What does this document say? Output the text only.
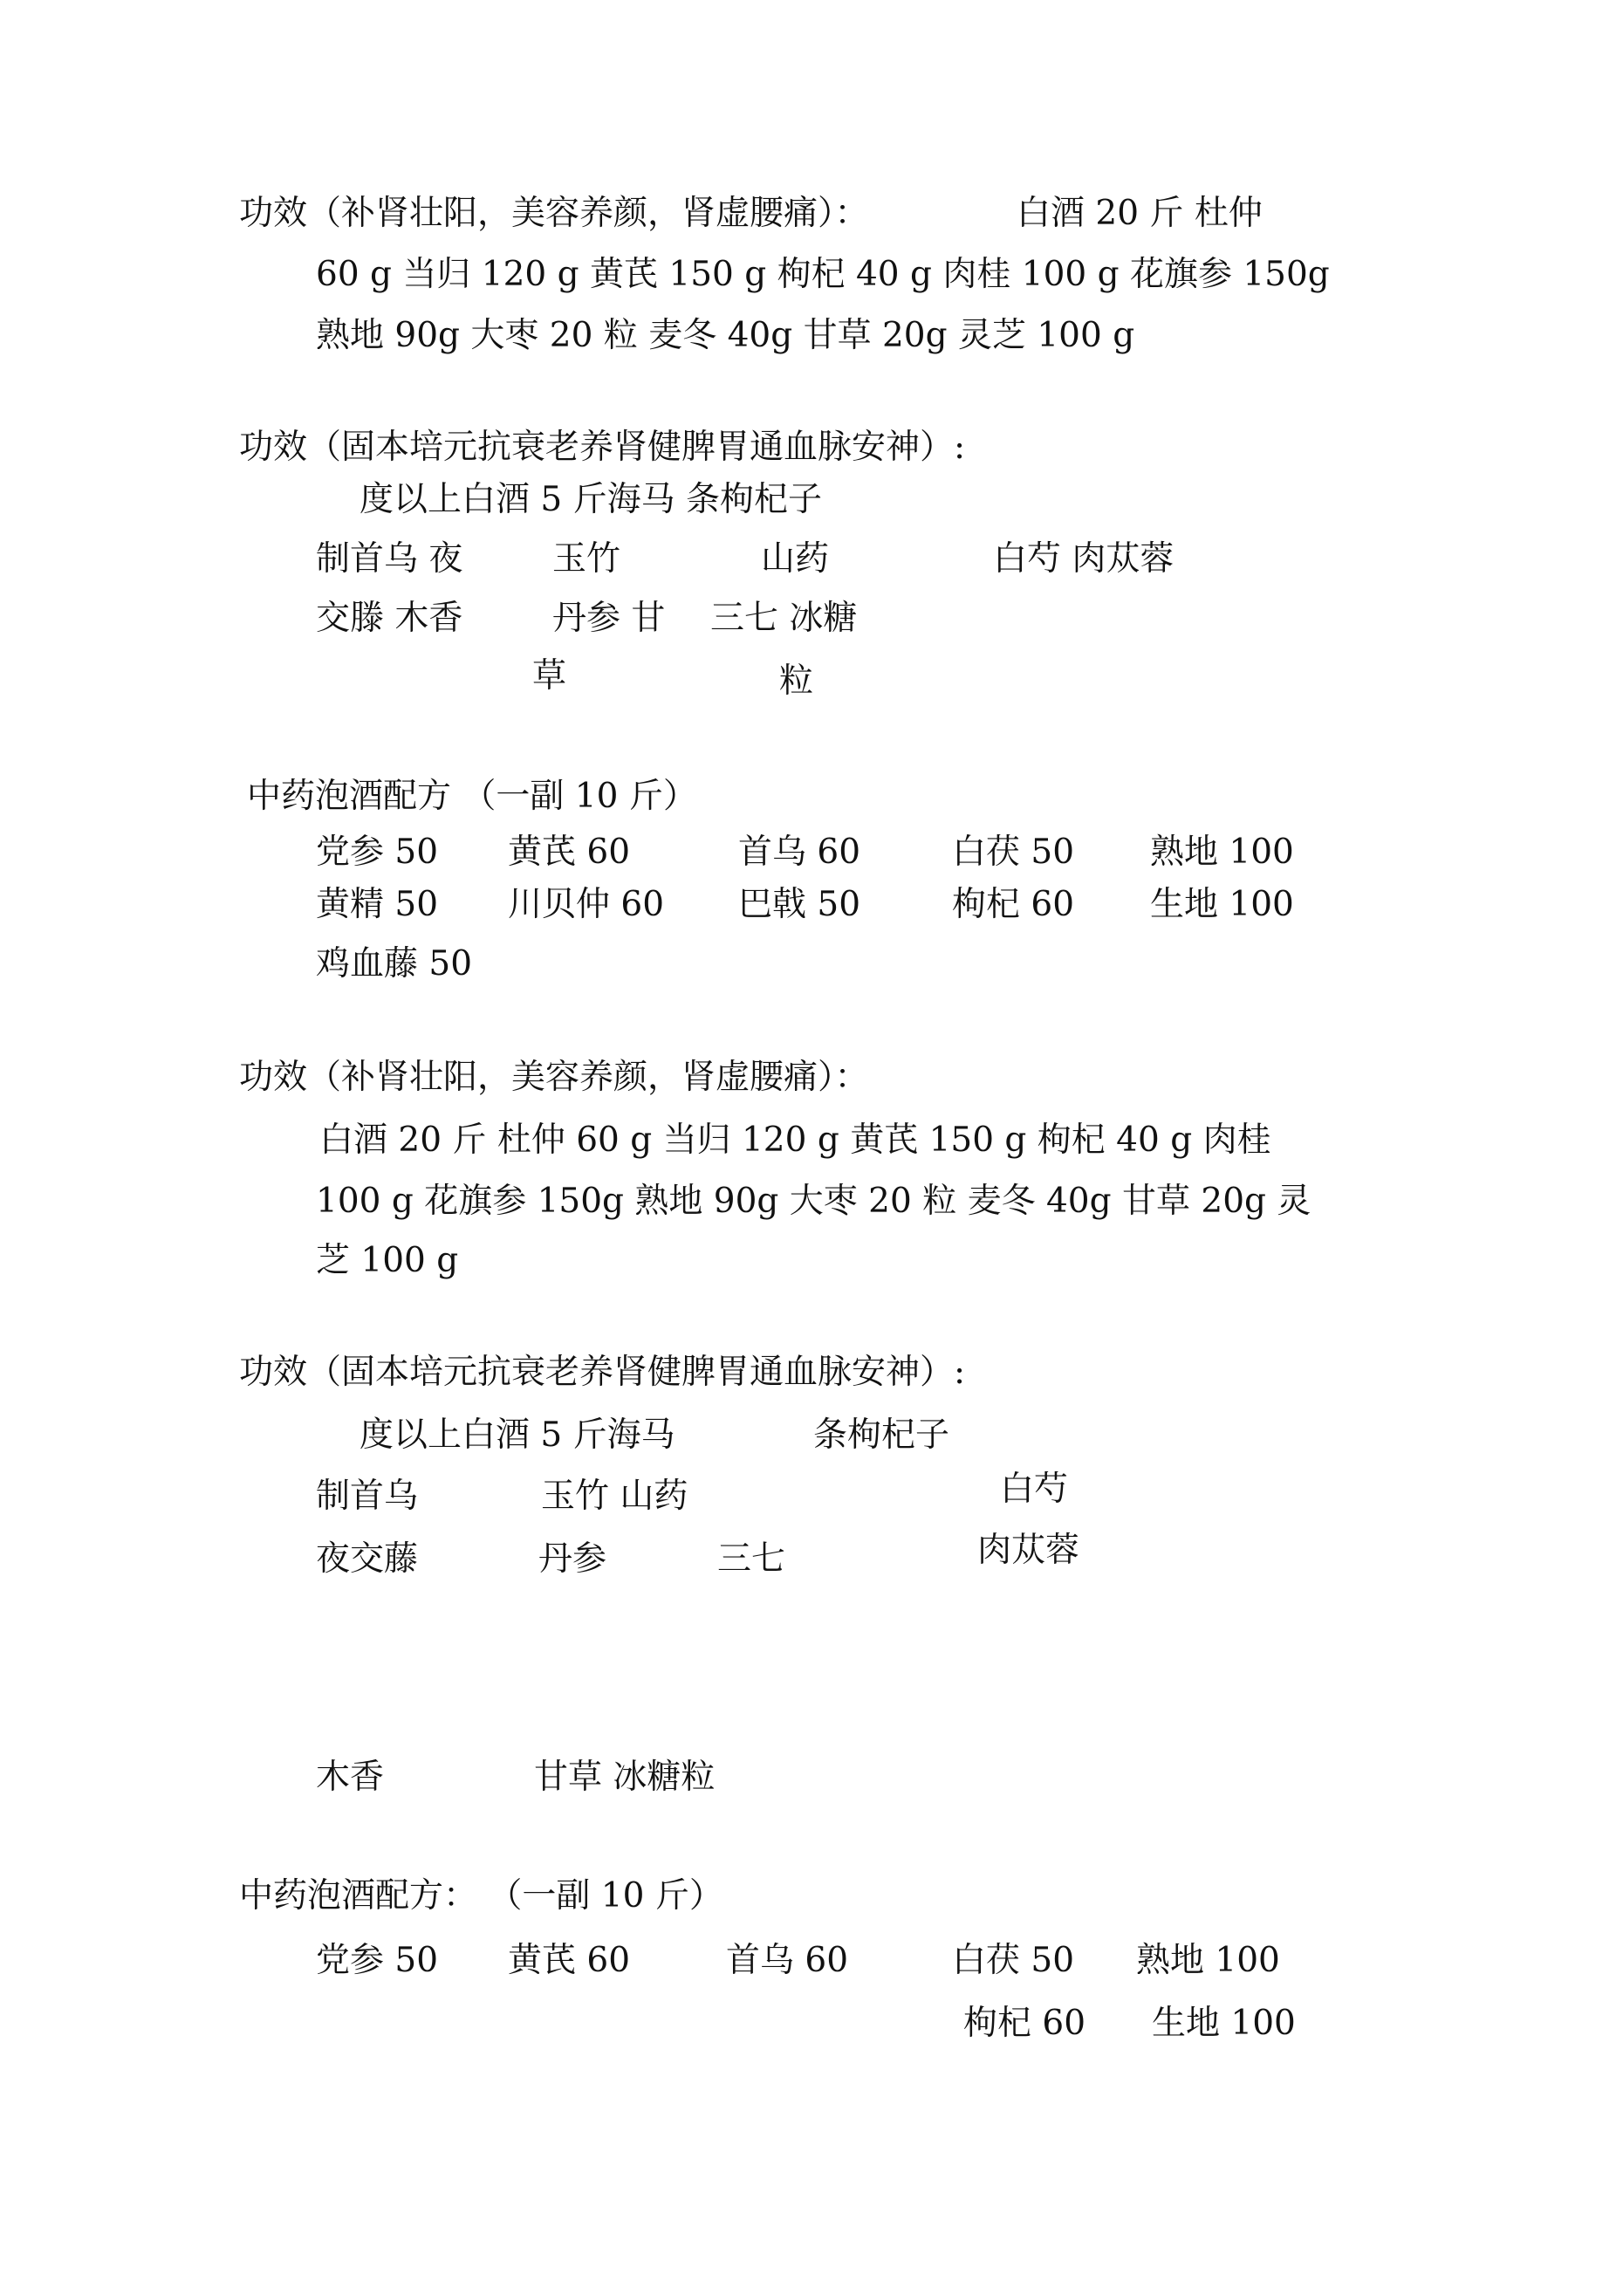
功效（补肾壮阳，美容养颜，肾虚腰痛）：	白酒 20 斤 杜仲
60 g 当归 120 g 黄芪 150 g 枸杞 40 g 肉桂 100 g 花旗参 150g
熟地 90g 大枣 20 粒 麦冬 40g 甘草 20g 灵芝 100 g
功效（固本培元抗衰老养肾健脾胃通血脉安神）:
度以上白酒 5 斤海马 条枸杞子
制首乌 夜	玉竹	山药	白芍 肉苁蓉
交滕 木香	丹参 甘 三七 冰糖
草	粒
中药泡酒配方 （一副 10 斤）
党参 50 黄芪 60	首乌 60	白茯 50 熟地 100
黄精 50 川贝仲 60 巴戟 50	枸杞 60 生地 100
鸡血藤 50
功效（补肾壮阳，美容养颜，肾虚腰痛）：
白酒 20 斤 杜仲 60 g 当归 120 g 黄芪 150 g 枸杞 40 g 肉桂
100 g 花旗参 150g 熟地 90g 大枣 20 粒 麦冬 40g 甘草 20g 灵
芝 100 g
功效（固本培元抗衰老养肾健脾胃通血脉安神）:
度以上白酒 5 斤海马	条枸杞子
制首乌	玉竹 山药	白芍
夜交藤	丹参	三七	肉苁蓉
木香	甘草 冰糖粒
中药泡酒配方： （一副 10 斤）
党参 50 黄芪 60	首乌 60	白茯 50 熟地 100
枸杞 60 生地 100
